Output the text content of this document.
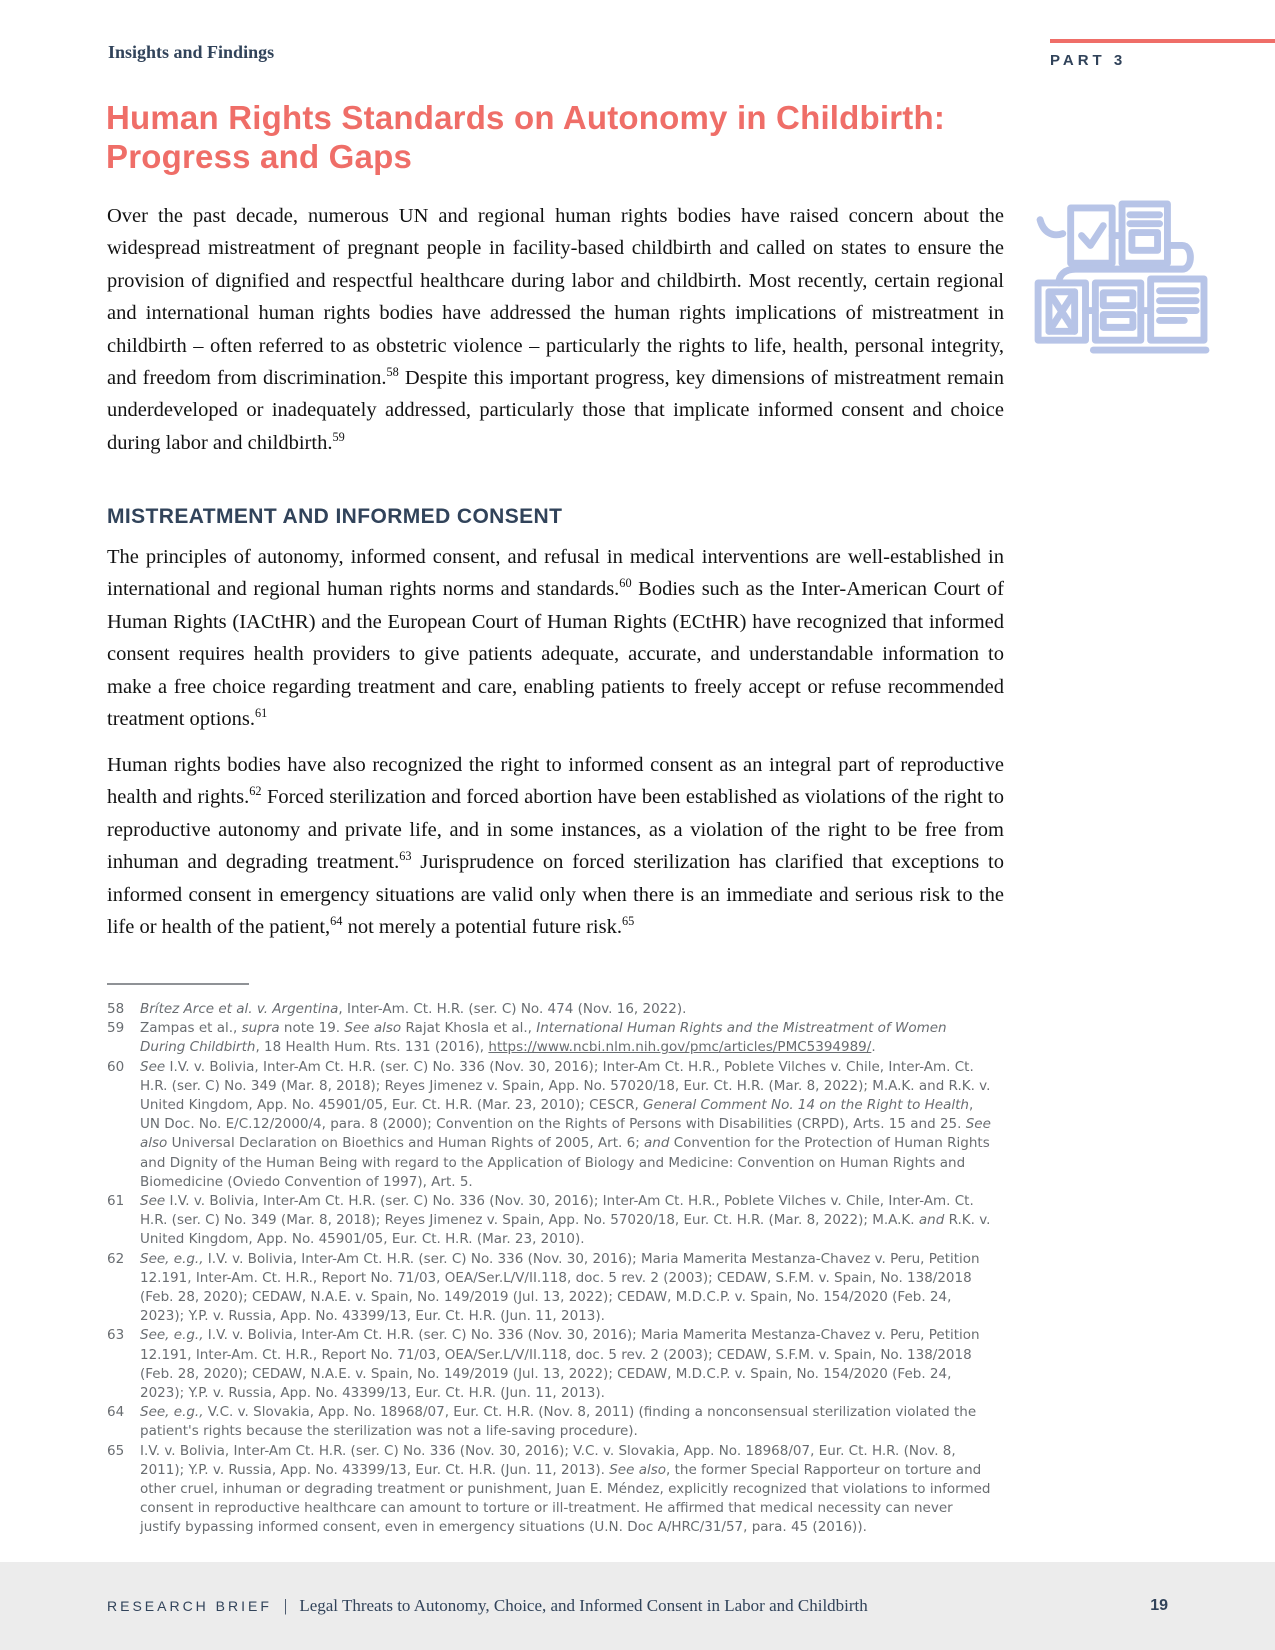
Insights and Findings	PART 3
Human Rights Standards on Autonomy in Childbirth:
Progress and Gaps

Over the past decade, numerous UN and regional human rights bodies have raised concern about the widespread mistreatment of pregnant people in facility-based childbirth and called on states to ensure the provision of dignified and respectful healthcare during labor and childbirth. Most recently, certain regional and international human rights bodies have addressed the human rights implications of mistreatment in childbirth – often referred to as obstetric violence – particularly the rights to life, health, personal integrity, and freedom from discrimination.$^{58}$ Despite this important progress, key dimensions of mistreatment remain underdeveloped or inadequately addressed, particularly those that implicate informed consent and choice during labor and childbirth.$^{59}$

MISTREATMENT AND INFORMED CONSENT

The principles of autonomy, informed consent, and refusal in medical interventions are well-established in international and regional human rights norms and standards.$^{60}$ Bodies such as the Inter-American Court of Human Rights (IACtHR) and the European Court of Human Rights (ECtHR) have recognized that informed consent requires health providers to give patients adequate, accurate, and understandable information to make a free choice regarding treatment and care, enabling patients to freely accept or refuse recommended treatment options.$^{61}$

Human rights bodies have also recognized the right to informed consent as an integral part of reproductive health and rights.$^{62}$ Forced sterilization and forced abortion have been established as violations of the right to reproductive autonomy and private life, and in some instances, as a violation of the right to be free from inhuman and degrading treatment.$^{63}$ Jurisprudence on forced sterilization has clarified that exceptions to informed consent in emergency situations are valid only when there is an immediate and serious risk to the life or health of the patient,$^{64}$ not merely a potential future risk.$^{65}$

58	Brítez Arce et al. v. Argentina, Inter-Am. Ct. H.R. (ser. C) No. 474 (Nov. 16, 2022).
59	Zampas et al., supra note 19. See also Rajat Khosla et al., International Human Rights and the Mistreatment of Women During Childbirth, 18 Health Hum. Rts. 131 (2016), https://www.ncbi.nlm.nih.gov/pmc/articles/PMC5394989/.
60	See I.V. v. Bolivia, Inter-Am Ct. H.R. (ser. C) No. 336 (Nov. 30, 2016); Inter-Am Ct. H.R., Poblete Vilches v. Chile, Inter-Am. Ct. H.R. (ser. C) No. 349 (Mar. 8, 2018); Reyes Jimenez v. Spain, App. No. 57020/18, Eur. Ct. H.R. (Mar. 8, 2022); M.A.K. and R.K. v. United Kingdom, App. No. 45901/05, Eur. Ct. H.R. (Mar. 23, 2010); CESCR, General Comment No. 14 on the Right to Health, UN Doc. No. E/C.12/2000/4, para. 8 (2000); Convention on the Rights of Persons with Disabilities (CRPD), Arts. 15 and 25. See also Universal Declaration on Bioethics and Human Rights of 2005, Art. 6; and Convention for the Protection of Human Rights and Dignity of the Human Being with regard to the Application of Biology and Medicine: Convention on Human Rights and Biomedicine (Oviedo Convention of 1997), Art. 5.
61	See I.V. v. Bolivia, Inter-Am Ct. H.R. (ser. C) No. 336 (Nov. 30, 2016); Inter-Am Ct. H.R., Poblete Vilches v. Chile, Inter-Am. Ct. H.R. (ser. C) No. 349 (Mar. 8, 2018); Reyes Jimenez v. Spain, App. No. 57020/18, Eur. Ct. H.R. (Mar. 8, 2022); M.A.K. and R.K. v. United Kingdom, App. No. 45901/05, Eur. Ct. H.R. (Mar. 23, 2010).
62	See, e.g., I.V. v. Bolivia, Inter-Am Ct. H.R. (ser. C) No. 336 (Nov. 30, 2016); Maria Mamerita Mestanza-Chavez v. Peru, Petition 12.191, Inter-Am. Ct. H.R., Report No. 71/03, OEA/Ser.L/V/II.118, doc. 5 rev. 2 (2003); CEDAW, S.F.M. v. Spain, No. 138/2018 (Feb. 28, 2020); CEDAW, N.A.E. v. Spain, No. 149/2019 (Jul. 13, 2022); CEDAW, M.D.C.P. v. Spain, No. 154/2020 (Feb. 24, 2023); Y.P. v. Russia, App. No. 43399/13, Eur. Ct. H.R. (Jun. 11, 2013).
63	See, e.g., I.V. v. Bolivia, Inter-Am Ct. H.R. (ser. C) No. 336 (Nov. 30, 2016); Maria Mamerita Mestanza-Chavez v. Peru, Petition 12.191, Inter-Am. Ct. H.R., Report No. 71/03, OEA/Ser.L/V/II.118, doc. 5 rev. 2 (2003); CEDAW, S.F.M. v. Spain, No. 138/2018 (Feb. 28, 2020); CEDAW, N.A.E. v. Spain, No. 149/2019 (Jul. 13, 2022); CEDAW, M.D.C.P. v. Spain, No. 154/2020 (Feb. 24, 2023); Y.P. v. Russia, App. No. 43399/13, Eur. Ct. H.R. (Jun. 11, 2013).
64	See, e.g., V.C. v. Slovakia, App. No. 18968/07, Eur. Ct. H.R. (Nov. 8, 2011) (finding a nonconsensual sterilization violated the patient's rights because the sterilization was not a life-saving procedure).
65	I.V. v. Bolivia, Inter-Am Ct. H.R. (ser. C) No. 336 (Nov. 30, 2016); V.C. v. Slovakia, App. No. 18968/07, Eur. Ct. H.R. (Nov. 8, 2011); Y.P. v. Russia, App. No. 43399/13, Eur. Ct. H.R. (Jun. 11, 2013). See also, the former Special Rapporteur on torture and other cruel, inhuman or degrading treatment or punishment, Juan E. Méndez, explicitly recognized that violations to informed consent in reproductive healthcare can amount to torture or ill-treatment. He affirmed that medical necessity can never justify bypassing informed consent, even in emergency situations (U.N. Doc A/HRC/31/57, para. 45 (2016)).
RESEARCH BRIEF | Legal Threats to Autonomy, Choice, and Informed Consent in Labor and Childbirth	19
